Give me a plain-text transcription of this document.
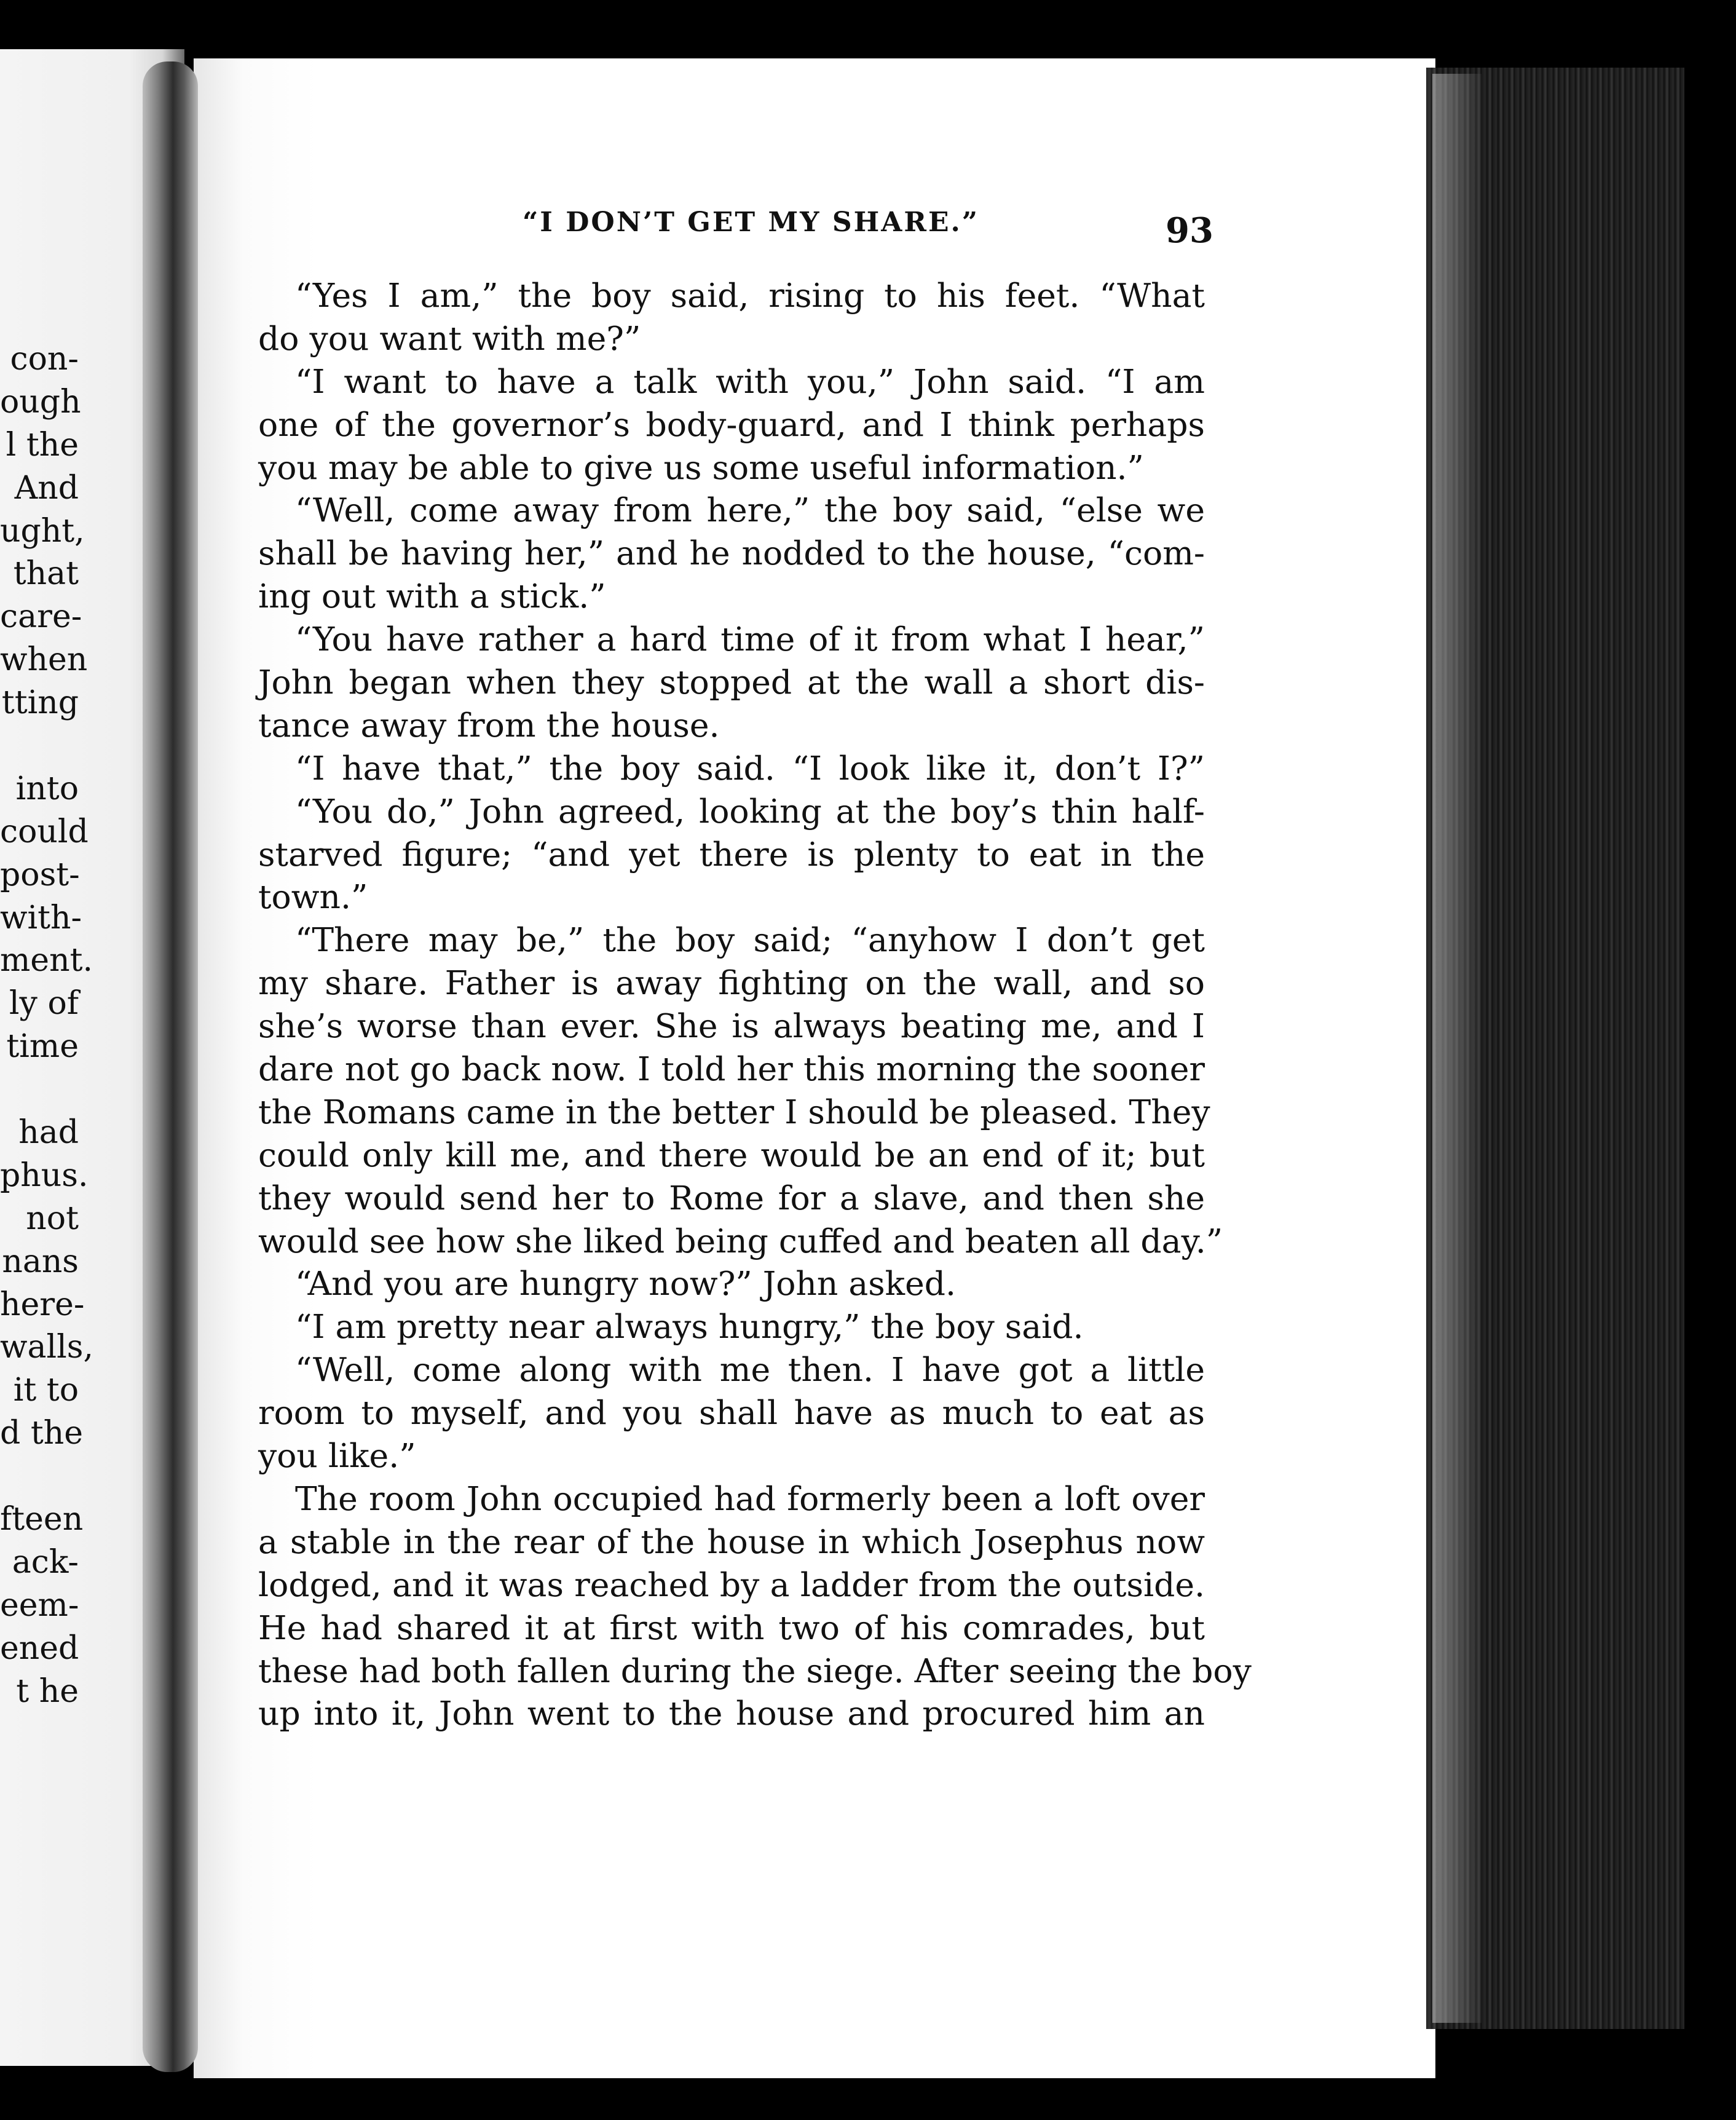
con-
ough
l the
And
ught,
that
care-
when
tting
into
could
post-
with-
ment.
ly of
time
had
phus.
not
nans
here-
walls,
it to
d the
fteen
ack-
eem-
ened
t he
“I DON’T GET MY SHARE.”	93
“Yes I am,” the boy said, rising to his feet. “What
do you want with me?”
“I want to have a talk with you,” John said. “I am
one of the governor’s body-guard, and I think perhaps
you may be able to give us some useful information.”
“Well, come away from here,” the boy said, “else we
shall be having her,” and he nodded to the house, “com-
ing out with a stick.”
“You have rather a hard time of it from what I hear,”
John began when they stopped at the wall a short dis-
tance away from the house.
“I have that,” the boy said. “I look like it, don’t I?”
“You do,” John agreed, looking at the boy’s thin half-
starved figure; “and yet there is plenty to eat in the
town.”
“There may be,” the boy said; “anyhow I don’t get
my share. Father is away fighting on the wall, and so
she’s worse than ever. She is always beating me, and I
dare not go back now. I told her this morning the sooner
the Romans came in the better I should be pleased. They
could only kill me, and there would be an end of it; but
they would send her to Rome for a slave, and then she
would see how she liked being cuffed and beaten all day.”
“And you are hungry now?” John asked.
“I am pretty near always hungry,” the boy said.
“Well, come along with me then. I have got a little
room to myself, and you shall have as much to eat as
you like.”
The room John occupied had formerly been a loft over
a stable in the rear of the house in which Josephus now
lodged, and it was reached by a ladder from the outside.
He had shared it at first with two of his comrades, but
these had both fallen during the siege. After seeing the boy
up into it, John went to the house and procured him an
